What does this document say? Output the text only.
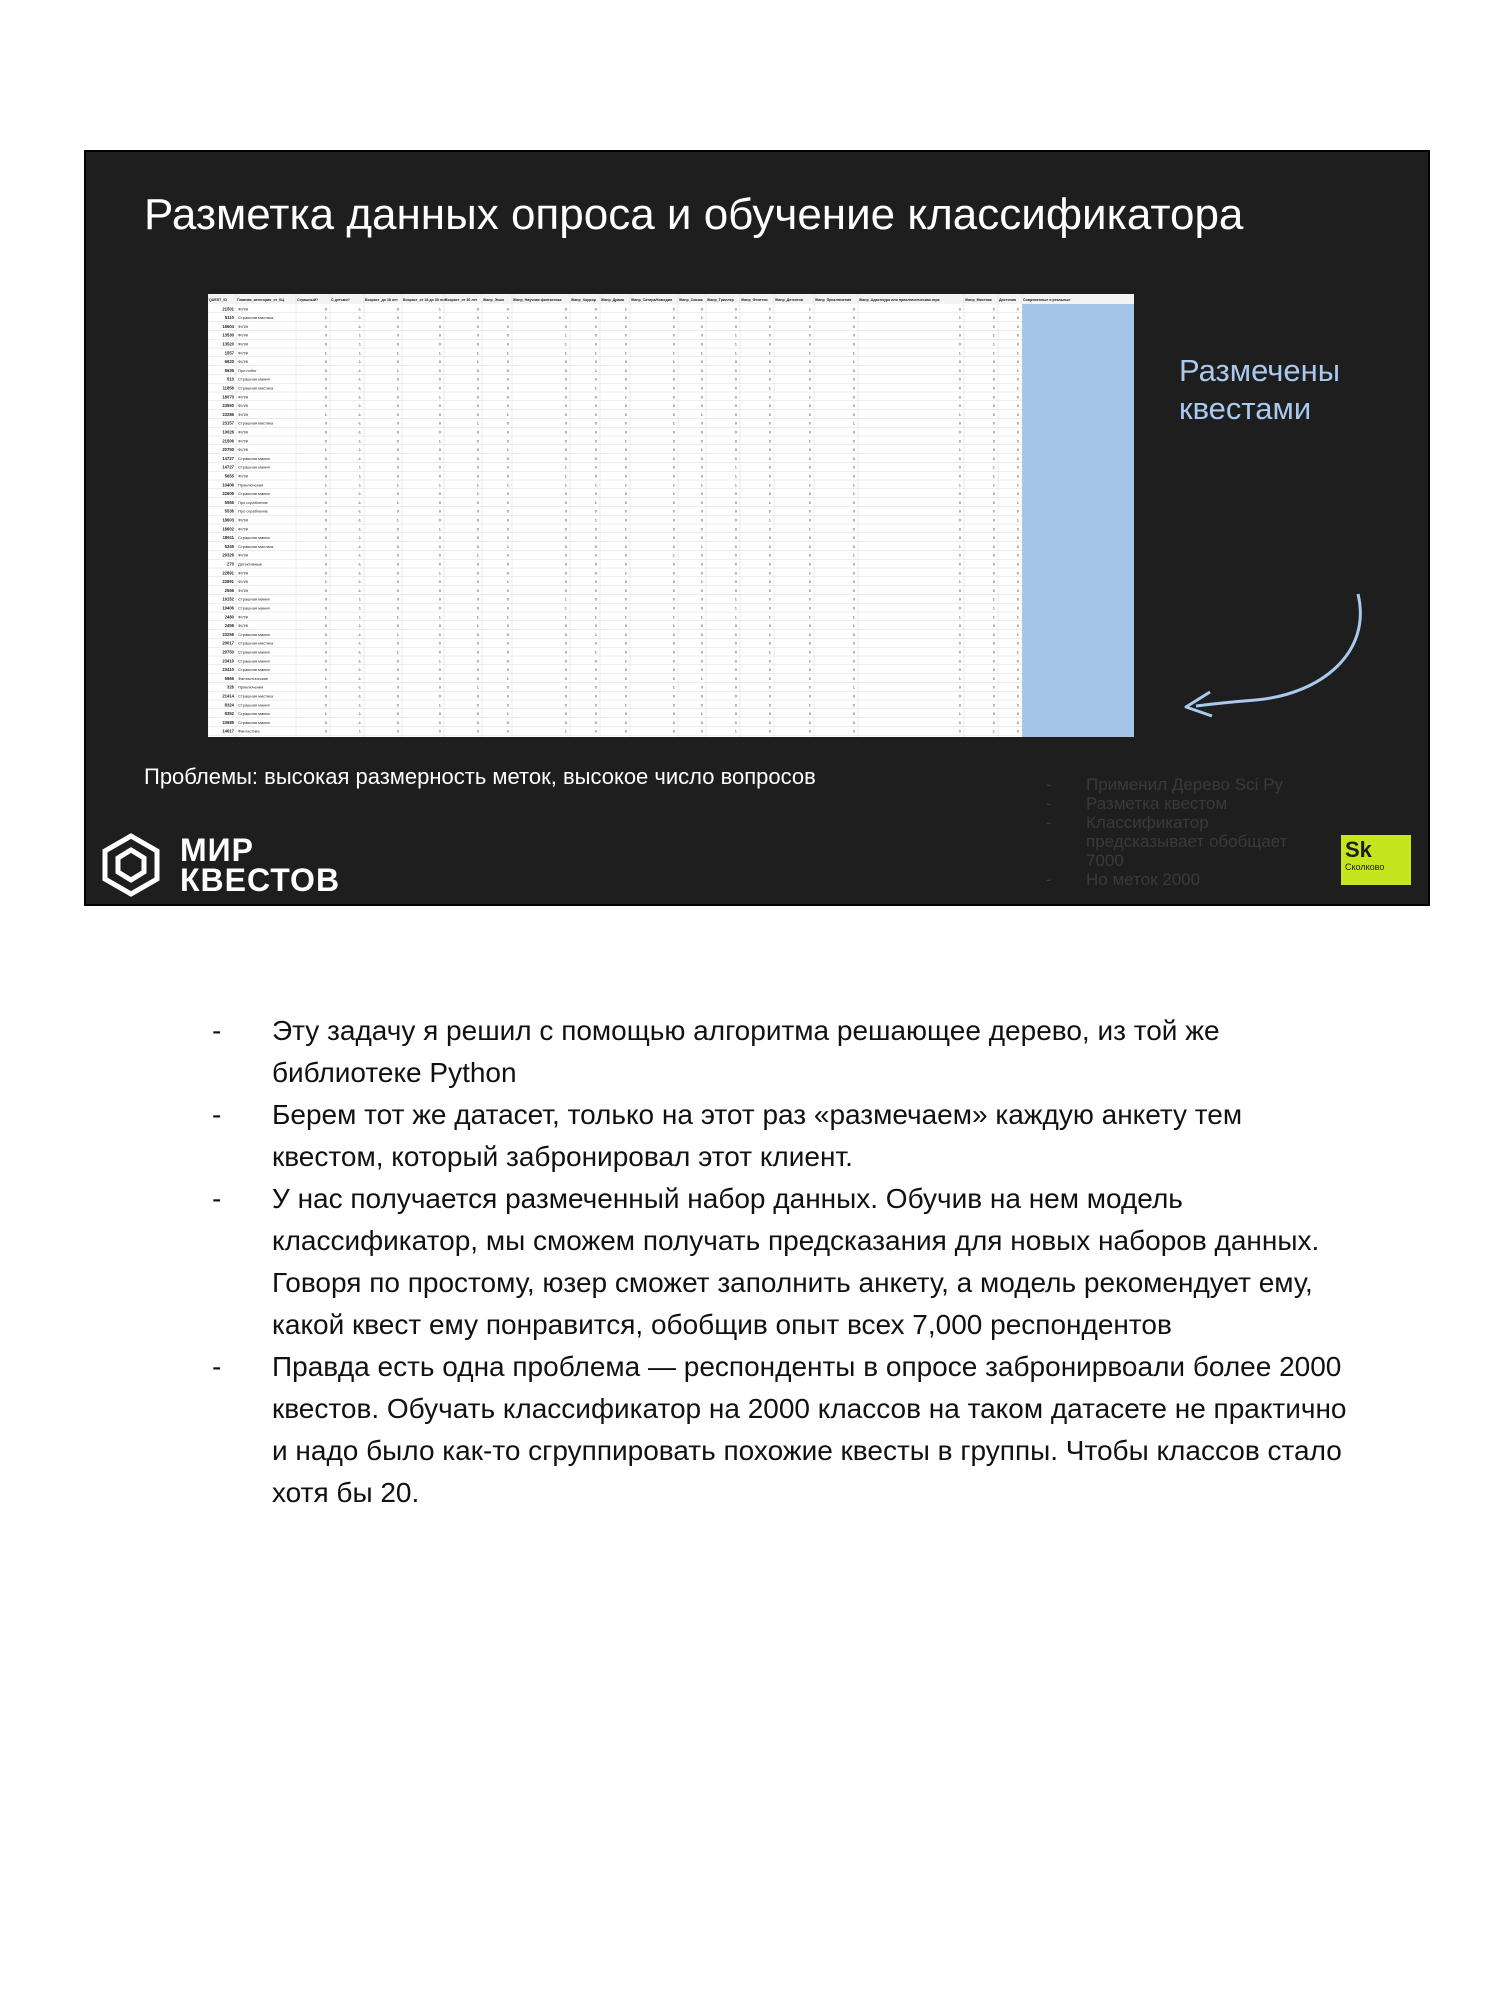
Разметка данных опроса и обучение классификатора
QUEST_ID	Главная_категория_от_КЦ	Страшный?	С детьми?	Возраст_до 18 лет Возраст_от 18 до 30 лет Возраст_от 30 лет Жанр_Экшн Жанр_Научная фантастика	Жанр_Хоррор Жанр_Драма Жанр_Сатира/Комедия Жанр_Сказка Жанр_Триллер Жанр_Фэнтези Жанр_Детектив	Жанр_Приключения Жанр_Адвенчура или приключенческая игра	Жанр_Мистика Дистопия Современные и реальные
21501 Ф/Л/К	0	-1	0	1	0	0	0	0	1	0	0	0	0	1	0	0	0	0
5110 Страшная мистика	1	-1	0	0	0	1	0	0	0	0	1	0	0	0	0	1	0	0
16604 Ф/Л/К	0	-1	0	0	0	0	0	0	0	0	0	0	0	0	0	0	0	0
13530 Ф/Л/К	0	1	0	0	0	0	1	0	0	0	0	1	0	0	0	0	1	0
13520 Ф/Л/К	0	1	0	0	0	0	1	0	0	0	0	1	0	0	0	0	1	0
1557 Ф/Л/К	1	1	1	1	1	1	1	1	1	1	1	1	1	1	1	1	1	1
6620 Ф/Л/К	0	-1	0	0	1	0	0	0	0	1	0	0	0	0	1	0	0	0
5636 Про побег	0	-1	1	0	0	0	0	1	0	0	0	0	1	0	0	0	0	1
510 Страшная мания	0	-1	0	0	0	0	0	0	0	0	0	0	0	0	0	0	0	0
11856 Страшная мистика	0	-1	1	0	0	0	0	1	0	0	0	0	1	0	0	0	0	1
18070 Ф/Л/К	0	-1	0	1	0	0	0	0	1	0	0	0	0	1	0	0	0	0
23550 Ф/Л/К	0	-1	0	0	0	0	0	0	0	0	0	0	0	0	0	0	0	0
23286 Ф/Л/К	1	-1	0	0	0	1	0	0	0	0	1	0	0	0	0	1	0	0
23157 Страшная мистика	0	-1	0	0	1	0	0	0	0	1	0	0	0	0	1	0	0	0
10026 Ф/Л/К	0	-1	0	0	0	0	0	0	0	0	0	0	0	0	0	0	0	0
21506 Ф/Л/К	0	-1	0	1	0	0	0	0	1	0	0	0	0	1	0	0	0	0
20750 Ф/Л/К	1	-1	0	0	0	1	0	0	0	0	1	0	0	0	0	1	0	0
14727 Страшная мания	0	-1	0	0	0	0	0	0	0	0	0	0	0	0	0	0	0	0
14727 Страшная мания	0	1	0	0	0	0	1	0	0	0	0	1	0	0	0	0	1	0
5655 Ф/Л/К	0	1	0	0	0	0	1	0	0	0	0	1	0	0	0	0	1	0
10406 Приключения	1	1	1	1	1	1	1	1	1	1	1	1	1	1	1	1	1	1
22605 Страшная мания	0	-1	0	0	1	0	0	0	0	1	0	0	0	0	1	0	0	0
5556 Про ограбление	0	-1	1	0	0	0	0	1	0	0	0	0	1	0	0	0	0	1
5536 Про ограбление	0	-1	0	0	0	0	0	0	0	0	0	0	0	0	0	0	0	0
18603 Ф/Л/К	0	-1	1	0	0	0	0	1	0	0	0	0	1	0	0	0	0	1
18602 Ф/Л/К	0	-1	0	1	0	0	0	0	1	0	0	0	0	1	0	0	0	0
18611 Страшная мания	0	-1	0	0	0	0	0	0	0	0	0	0	0	0	0	0	0	0
5245 Страшная мистика	1	-1	0	0	0	1	0	0	0	0	1	0	0	0	0	1	0	0
20326 Ф/Л/К	0	-1	0	0	1	0	0	0	0	1	0	0	0	0	1	0	0	0
270 Детективные	0	-1	0	0	0	0	0	0	0	0	0	0	0	0	0	0	0	0
22891 Ф/Л/К	0	-1	0	1	0	0	0	0	1	0	0	0	0	1	0	0	0	0
22891 Ф/Л/К	1	-1	0	0	0	1	0	0	0	0	1	0	0	0	0	1	0	0
2556 Ф/Л/К	0	-1	0	0	0	0	0	0	0	0	0	0	0	0	0	0	0	0
19152 Страшная мания	0	1	0	0	0	0	1	0	0	0	0	1	0	0	0	0	1	0
19406 Страшная мания	0	1	0	0	0	0	1	0	0	0	0	1	0	0	0	0	1	0
2480 Ф/Л/К	1	1	1	1	1	1	1	1	1	1	1	1	1	1	1	1	1	1
2456 Ф/Л/К	0	-1	0	0	1	0	0	0	0	1	0	0	0	0	1	0	0	0
23258 Страшная мания	0	-1	1	0	0	0	0	1	0	0	0	0	1	0	0	0	0	1
20017 Страшная мистика	0	-1	0	0	0	0	0	0	0	0	0	0	0	0	0	0	0	0
20750 Страшная мания	0	-1	1	0	0	0	0	1	0	0	0	0	1	0	0	0	0	1
23410 Страшная мания	0	-1	0	1	0	0	0	0	1	0	0	0	0	1	0	0	0	0
23410 Страшная мания	0	-1	0	0	0	0	0	0	0	0	0	0	0	0	0	0	0	0
5666 Фантастические	1	-1	0	0	0	1	0	0	0	0	1	0	0	0	0	1	0	0
326 Приключения	0	-1	0	0	1	0	0	0	0	1	0	0	0	0	1	0	0	0
21414 Страшная мистика	0	-1	0	0	0	0	0	0	0	0	0	0	0	0	0	0	0	0
8324 Страшная мания	0	-1	0	1	0	0	0	0	1	0	0	0	0	1	0	0	0	0
8352 Страшная мания	1	-1	0	0	0	1	0	0	0	0	1	0	0	0	0	1	0	0
23685 Страшная мания	0	-1	0	0	0	0	0	0	0	0	0	0	0	0	0	0	0	0
14617 Фантастика	0	1	0	0	0	0	1	0	0	0	0	1	0	0	0	0	1	0
Размечены
квестами
Проблемы: высокая размерность меток, высокое число вопросов
-	Применил Дерево Sci Py
- Разметка квестом
- Классификатор предсказывает обобщает 7000
- Но меток 2000
МИР
КВЕСТОВ
Sk
Сколково
- Эту задачу я решил с помощью алгоритма решающее дерево, из той же библиотеке Python
- Берем тот же датасет, только на этот раз «размечаем» каждую анкету тем квестом, который забронировал этот клиент.
- У нас получается размеченный набор данных. Обучив на нем модель классификатор, мы сможем получать предсказания для новых наборов данных. Говоря по простому, юзер сможет заполнить анкету, а модель рекомендует ему, какой квест ему понравится, обобщив опыт всех 7,000 респондентов
- Правда есть одна проблема — респонденты в опросе забронирвоали более 2000 квестов. Обучать классификатор на 2000 классов на таком датасете не практично и надо было как-то сгруппировать похожие квесты в группы. Чтобы классов стало хотя бы 20.
